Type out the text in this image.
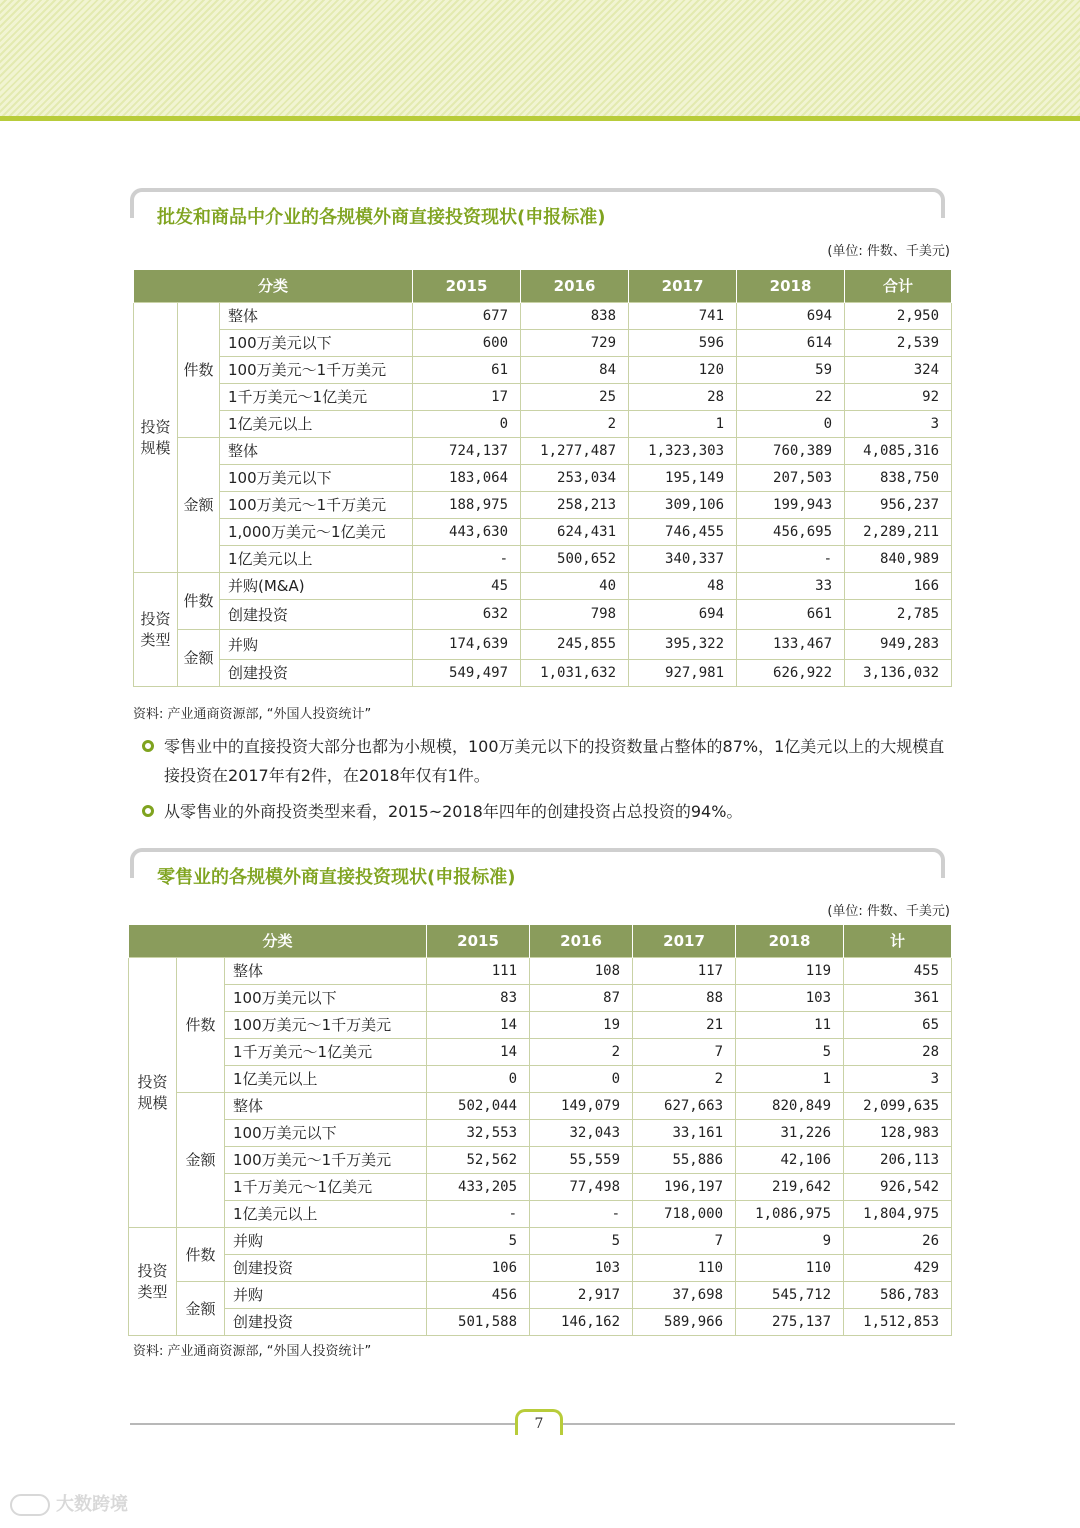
批发和商品中介业的各规模外商直接投资现状(申报标准)
(单位: 件数、千美元)
分类			2015	2016	2017	2018	合计
投资
规模	件数	整体	677	838	741	694	2,950
		100万美元以下	600	729	596	614	2,539
		100万美元～1千万美元	61	84	120	59	324
		1千万美元～1亿美元	17	25	28	22	92
		1亿美元以上	0	2	1	0	3
	金额	整体	724,137	1,277,487	1,323,303	760,389	4,085,316
		100万美元以下	183,064	253,034	195,149	207,503	838,750
		100万美元～1千万美元	188,975	258,213	309,106	199,943	956,237
		1,000万美元～1亿美元	443,630	624,431	746,455	456,695	2,289,211
		1亿美元以上	-	500,652	340,337	-	840,989
投资
类型	件数	并购(M&A)	45	40	48	33	166
		创建投资	632	798	694	661	2,785
	金额	并购	174,639	245,855	395,322	133,467	949,283
		创建投资	549,497	1,031,632	927,981	626,922	3,136,032
资料: 产业通商资源部, “外国人投资统计”
零售业中的直接投资大部分也都为小规模，100万美元以下的投资数量占整体的87%，1亿美元以上的大规模直接投资在2017年有2件，在2018年仅有1件。
从零售业的外商投资类型来看，2015~2018年四年的创建投资占总投资的94%。
零售业的各规模外商直接投资现状(申报标准)
(单位: 件数、千美元)
分类			2015	2016	2017	2018	计
投资
规模	件数	整体	111	108	117	119	455
		100万美元以下	83	87	88	103	361
		100万美元～1千万美元	14	19	21	11	65
		1千万美元～1亿美元	14	2	7	5	28
		1亿美元以上	0	0	2	1	3
	金额	整体	502,044	149,079	627,663	820,849	2,099,635
		100万美元以下	32,553	32,043	33,161	31,226	128,983
		100万美元～1千万美元	52,562	55,559	55,886	42,106	206,113
		1千万美元～1亿美元	433,205	77,498	196,197	219,642	926,542
		1亿美元以上	-	-	718,000	1,086,975	1,804,975
投资
类型	件数	并购	5	5	7	9	26
		创建投资	106	103	110	110	429
	金额	并购	456	2,917	37,698	545,712	586,783
		创建投资	501,588	146,162	589,966	275,137	1,512,853
资料: 产业通商资源部, “外国人投资统计”
7
大数跨境
